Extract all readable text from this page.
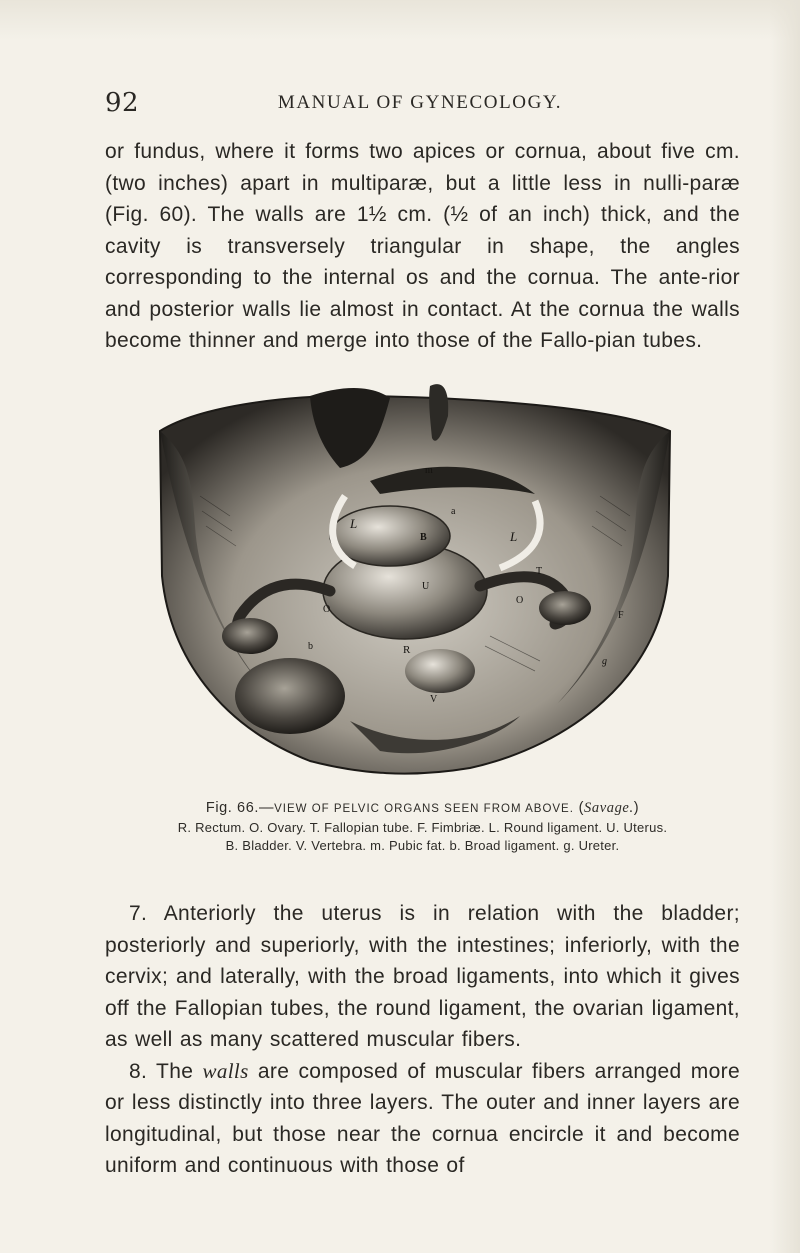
92	MANUAL OF GYNECOLOGY.

or fundus, where it forms two apices or cornua, about five cm. (two inches) apart in multiparæ, but a little less in nulli-paræ (Fig. 60). The walls are 1½ cm. (½ of an inch) thick, and the cavity is transversely triangular in shape, the angles corresponding to the internal os and the cornua. The ante-rior and posterior walls lie almost in contact. At the cornua the walls become thinner and merge into those of the Fallo-pian tubes.

m
a
L
B	L
U
T
O
O
F
b	R
g
V
Fig. 66.—VIEW OF PELVIC ORGANS SEEN FROM ABOVE. (Savage.)
R. Rectum. O. Ovary. T. Fallopian tube. F. Fimbriæ. L. Round ligament. U. Uterus.
B. Bladder. V. Vertebra. m. Pubic fat. b. Broad ligament. g. Ureter.

7. Anteriorly the uterus is in relation with the bladder; posteriorly and superiorly, with the intestines; inferiorly, with the cervix; and laterally, with the broad ligaments, into which it gives off the Fallopian tubes, the round ligament, the ovarian ligament, as well as many scattered muscular fibers.

8. The walls are composed of muscular fibers arranged more or less distinctly into three layers. The outer and inner layers are longitudinal, but those near the cornua encircle it and become uniform and continuous with those of
